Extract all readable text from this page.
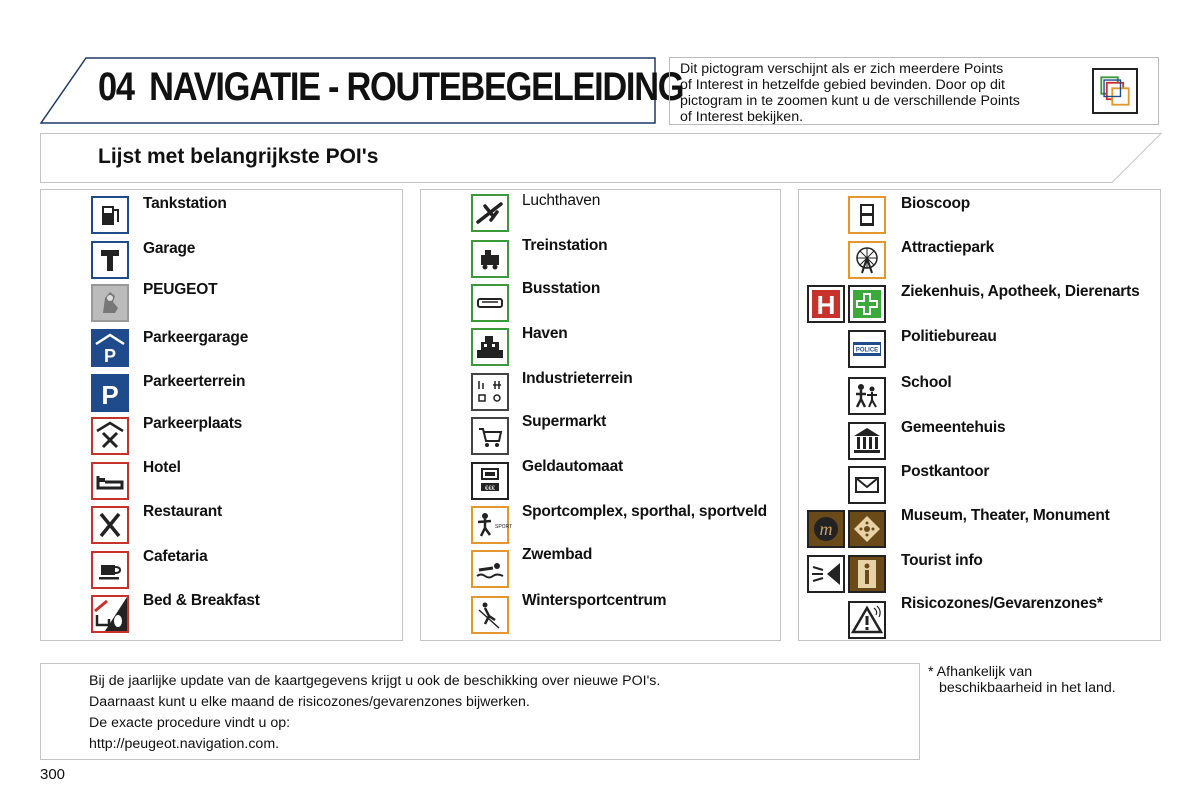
04 NAVIGATIE - ROUTEBEGELEIDING
Dit pictogram verschijnt als er zich meerdere Points
of Interest in hetzelfde gebied bevinden. Door op dit
pictogram in te zoomen kunt u de verschillende Points
of Interest bekijken.
Lijst met belangrijkste POI's
Tankstation
Garage
PEUGEOT
P
Parkeergarage
P Parkeerterrein
Parkeerplaats
Hotel
Restaurant
Cafetaria
Bed & Breakfast
Luchthaven
Treinstation
Busstation
Haven
Industrieterrein
Supermarkt
€€€
Geldautomaat
SPORT
Sportcomplex, sporthal, sportveld
Zwembad
Wintersportcentrum
Bioscoop
Attractiepark
H	Ziekenhuis, Apotheek, Dierenarts
POLICE
Politiebureau
School
Gemeentehuis
Postkantoor
m
Museum, Theater, Monument
Tourist info
Risicozones/Gevarenzones*
Bij de jaarlijke update van de kaartgegevens krijgt u ook de beschikking over nieuwe POI's.
Daarnaast kunt u elke maand de risicozones/gevarenzones bijwerken.
De exacte procedure vindt u op:
http://peugeot.navigation.com.
* Afhankelijk van
beschikbaarheid in het land.
300
